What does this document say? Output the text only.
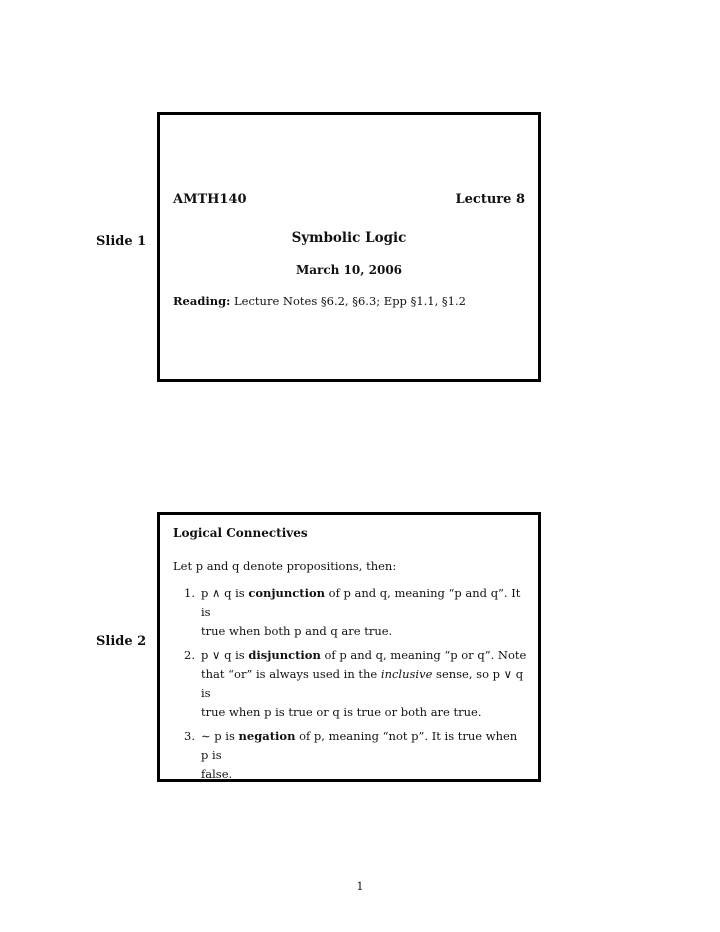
Slide 1
AMTH140	Lecture 8
Symbolic Logic
March 10, 2006
Reading: Lecture Notes §6.2, §6.3; Epp §1.1, §1.2
Slide 2
Logical Connectives
Let p and q denote propositions, then:
1. p ∧ q is conjunction of p and q, meaning “p and q”. It is
true when both p and q are true.
2. p ∨ q is disjunction of p and q, meaning “p or q”. Note
that “or” is always used in the inclusive sense, so p ∨ q is
true when p is true or q is true or both are true.
3. ∼ p is negation of p, meaning “not p”. It is true when p is
false.
1
